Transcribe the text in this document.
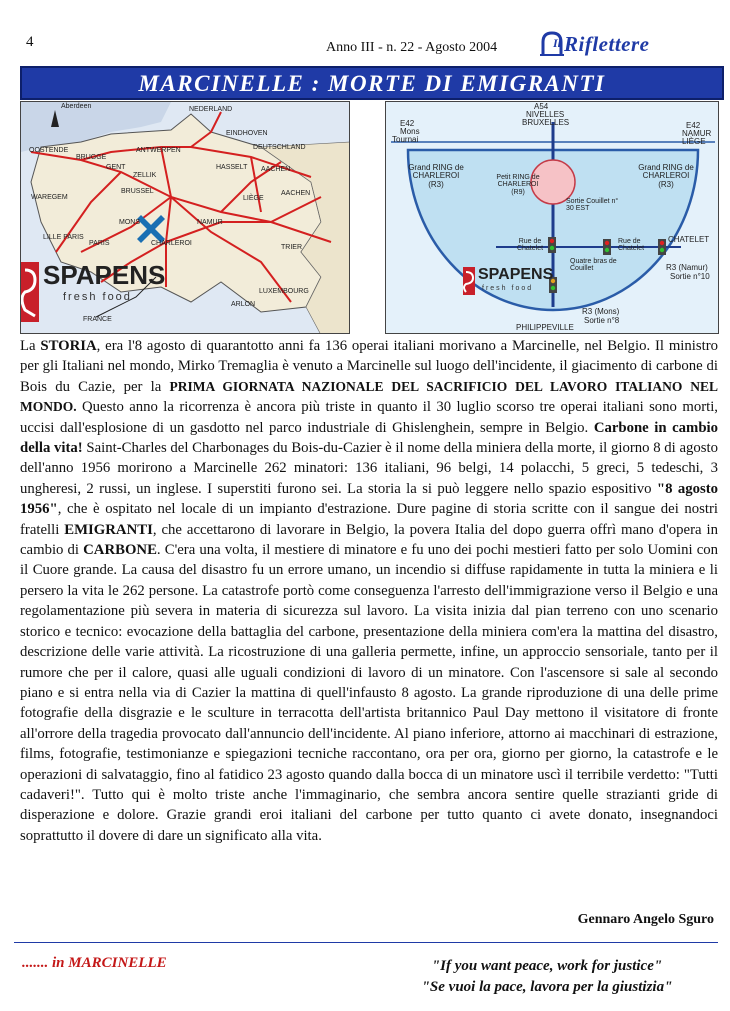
4	Anno III - n. 22 - Agosto 2004	Il Riflettere
MARCINELLE : MORTE DI EMIGRANTI
Aberdeen	NEDERLAND
EINDHOVEN
OOSTENDE
BRUGGE
GENT
ANTWERPEN	DEUTSCHLAND
HASSELT AACHEN
WAREGEM
ZELLIK
BRUSSEL
LIÈGE
AACHEN
LILLE PARIS
MONS	NAMUR
PARIS	CHARLEROI
TRIER
LUXEMBOURG
ARLON
FRANCE
SPAPENS
fresh food
A54
NIVELLES
BRUXELLES
E42
Mons
Tournai
E42
NAMUR
LIÈGE
Grand RING de CHARLEROI (R3)
Petit RING de CHARLEROI (R9)
Sortie Couillet n° 30 EST
Grand RING de CHARLEROI (R3)
CHATELET
Rue de Chatelet
Rue de Chatelet
Quatre bras de Couillet	R3 (Namur)
Sortie n°10
R3 (Mons)
Sortie n°8
PHILIPPEVILLE
SPAPENS
fresh food
La STORIA, era l'8 agosto di quarantotto anni fa 136 operai italiani morivano a Marcinelle, nel Belgio. Il ministro per gli Italiani nel mondo, Mirko Tremaglia è venuto a Marcinelle sul luogo dell'incidente, il giacimento di carbone di Bois du Cazie, per la PRIMA GIORNATA NAZIONALE DEL SACRIFICIO DEL LAVORO ITALIANO NEL MONDO. Questo anno la ricorrenza è ancora più triste in quanto il 30 luglio scorso tre operai italiani sono morti, uccisi dall'esplosione di un gasdotto nel parco industriale di Ghislenghein, sempre in Belgio. Carbone in cambio della vita! Saint-Charles del Charbonages du Bois-du-Cazier è il nome della miniera della morte, il giorno 8 di agosto dell'anno 1956 morirono a Marcinelle 262 minatori: 136 italiani, 96 belgi, 14 polacchi, 5 greci, 5 tedeschi, 3 ungheresi, 2 russi, un inglese. I superstiti furono sei. La storia la si può leggere nello spazio espositivo "8 agosto 1956", che è ospitato nel locale di un impianto d'estrazione. Dure pagine di storia scritte con il sangue dei nostri fratelli EMIGRANTI, che accettarono di lavorare in Belgio, la povera Italia del dopo guerra offrì mano d'opera in cambio di CARBONE. C'era una volta, il mestiere di minatore e fu uno dei pochi mestieri fatto per solo Uomini con il Cuore grande. La causa del disastro fu un errore umano, un incendio si diffuse rapidamente in tutta la miniera e li persero la vita le 262 persone. La catastrofe portò come conseguenza l'arresto dell'immigrazione verso il Belgio e una regolamentazione più severa in materia di sicurezza sul lavoro. La visita inizia dal pian terreno con uno scenario storico e tecnico: evocazione della battaglia del carbone, presentazione della miniera com'era la mattina del disastro, descrizione delle varie attività. La ricostruzione di una galleria permette, infine, un approccio sensoriale, tanto per il rumore che per il calore, quasi alle uguali condizioni di lavoro di un minatore. Con l'ascensore si sale al secondo piano e si entra nella via di Cazier la mattina di quell'infausto 8 agosto. La grande riproduzione di una delle prime fotografie della disgrazie e le sculture in terracotta dell'artista britannico Paul Day mettono il visitatore di fronte all'orrore della tragedia provocato dall'annuncio dell'incidente. Al piano inferiore, attorno ai macchinari di estrazione, films, fotografie, testimonianze e spiegazioni tecniche raccontano, ora per ora, giorno per giorno, la catastrofe e le operazioni di salvataggio, fino al fatidico 23 agosto quando dalla bocca di un minatore uscì il terribile verdetto: "Tutti cadaveri!". Tutto qui è molto triste anche l'immaginario, che sembra ancora sentire quelle strazianti gride di disperazione e dolore. Grazie grandi eroi italiani del carbone per tutto quanto ci avete donato, insegnandoci soprattutto il dovere di dare un significato alla vita.
Gennaro Angelo Sguro
....... in MARCINELLE	"If you want peace, work for justice"
"Se vuoi la pace, lavora per la giustizia"
